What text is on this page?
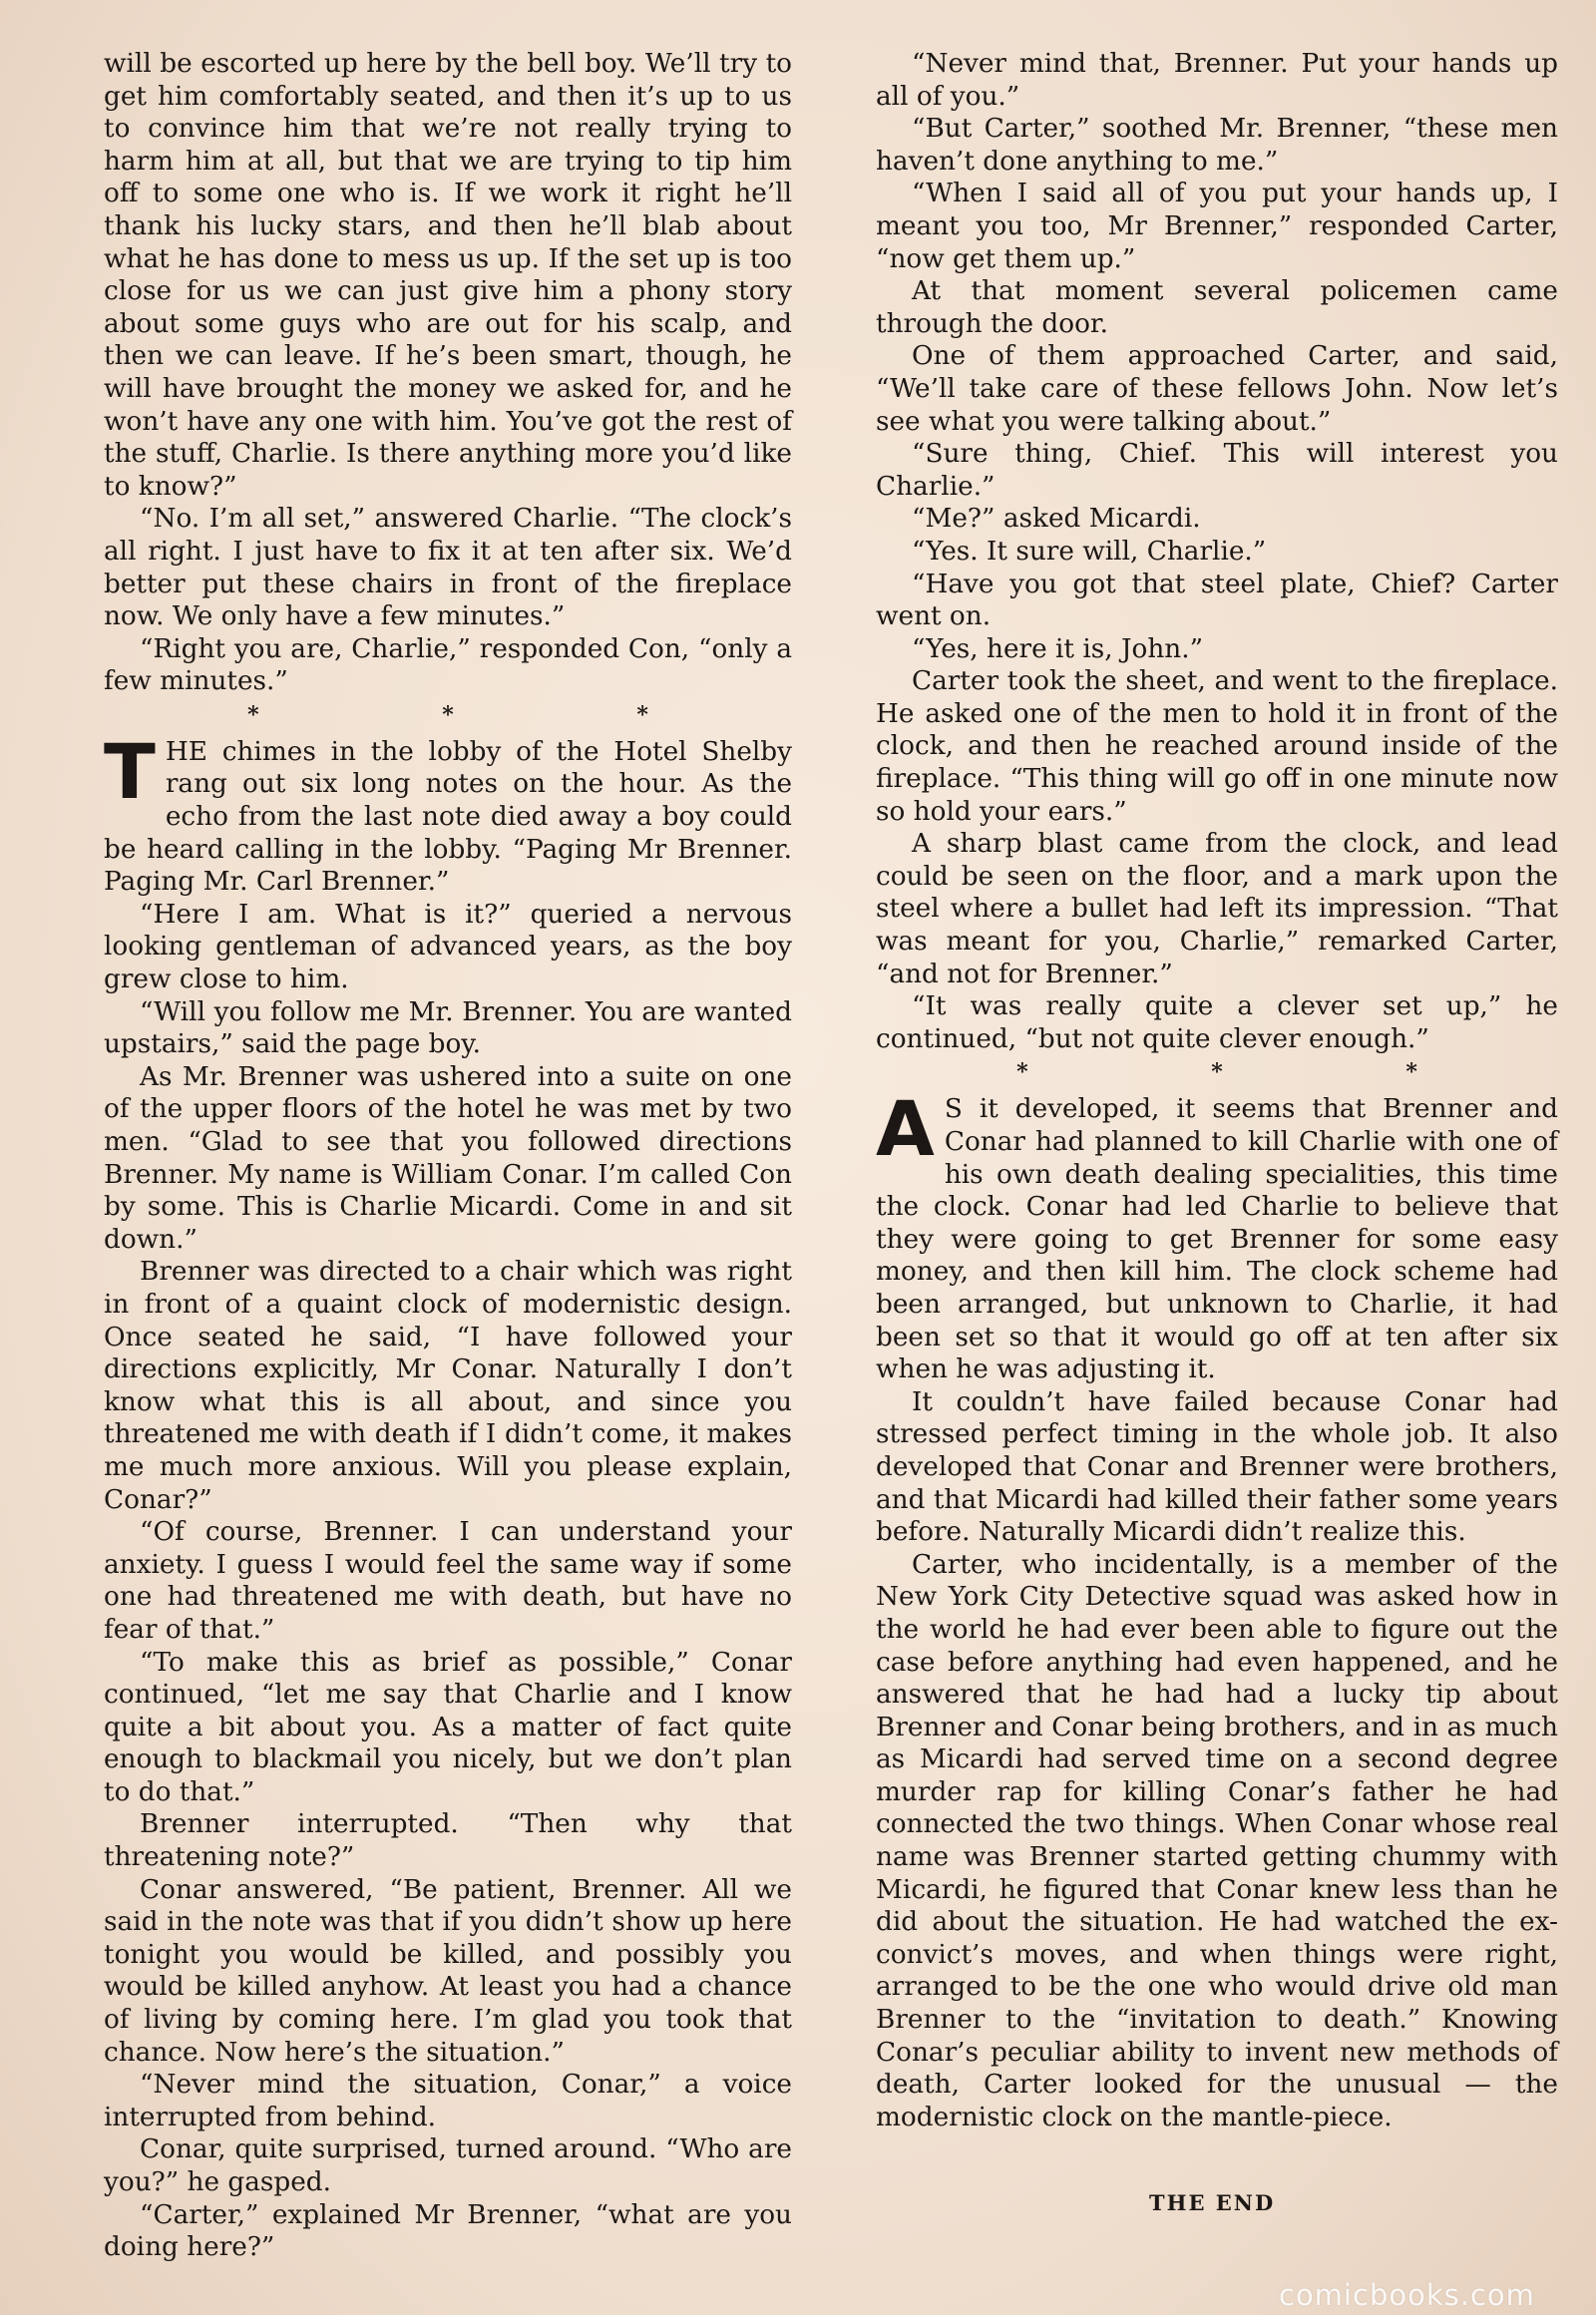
will be escorted up here by the bell boy. We’ll try to get him comfortably seated, and then it’s up to us to convince him that we’re not really trying to harm him at all, but that we are trying to tip him off to some one who is. If we work it right he’ll thank his lucky stars, and then he’ll blab about what he has done to mess us up. If the set up is too close for us we can just give him a phony story about some guys who are out for his scalp, and then we can leave. If he’s been smart, though, he will have brought the money we asked for, and he won’t have any one with him. You’ve got the rest of the stuff, Charlie. Is there anything more you’d like to know?”

“No. I’m all set,” answered Charlie. “The clock’s all right. I just have to fix it at ten after six. We’d better put these chairs in front of the fireplace now. We only have a few minutes.”

“Right you are, Charlie,” responded Con, “only a few minutes.”

* * *

THE chimes in the lobby of the Hotel Shelby rang out six long notes on the hour. As the echo from the last note died away a boy could be heard calling in the lobby. “Paging Mr Brenner. Paging Mr. Carl Brenner.”

“Here I am. What is it?” queried a nervous looking gentleman of advanced years, as the boy grew close to him.

“Will you follow me Mr. Brenner. You are wanted upstairs,” said the page boy.

As Mr. Brenner was ushered into a suite on one of the upper floors of the hotel he was met by two men. “Glad to see that you followed directions Brenner. My name is William Conar. I’m called Con by some. This is Charlie Micardi. Come in and sit down.”

Brenner was directed to a chair which was right in front of a quaint clock of modernistic design. Once seated he said, “I have followed your directions explicitly, Mr Conar. Naturally I don’t know what this is all about, and since you threatened me with death if I didn’t come, it makes me much more anxious. Will you please explain, Conar?”

“Of course, Brenner. I can understand your anxiety. I guess I would feel the same way if some one had threatened me with death, but have no fear of that.”

“To make this as brief as possible,” Conar continued, “let me say that Charlie and I know quite a bit about you. As a matter of fact quite enough to blackmail you nicely, but we don’t plan to do that.”

Brenner interrupted. “Then why that threatening note?”

Conar answered, “Be patient, Brenner. All we said in the note was that if you didn’t show up here tonight you would be killed, and possibly you would be killed anyhow. At least you had a chance of living by coming here. I’m glad you took that chance. Now here’s the situation.”

“Never mind the situation, Conar,” a voice interrupted from behind.

Conar, quite surprised, turned around. “Who are you?” he gasped.

“Carter,” explained Mr Brenner, “what are you doing here?”

“Never mind that, Brenner. Put your hands up all of you.”

“But Carter,” soothed Mr. Brenner, “these men haven’t done anything to me.”

“When I said all of you put your hands up, I meant you too, Mr Brenner,” responded Carter, “now get them up.”

At that moment several policemen came through the door.

One of them approached Carter, and said, “We’ll take care of these fellows John. Now let’s see what you were talking about.”

“Sure thing, Chief. This will interest you Charlie.”

“Me?” asked Micardi.

“Yes. It sure will, Charlie.”

“Have you got that steel plate, Chief? Carter went on.

“Yes, here it is, John.”

Carter took the sheet, and went to the fireplace. He asked one of the men to hold it in front of the clock, and then he reached around inside of the fireplace. “This thing will go off in one minute now so hold your ears.”

A sharp blast came from the clock, and lead could be seen on the floor, and a mark upon the steel where a bullet had left its impression. “That was meant for you, Charlie,” remarked Carter, “and not for Brenner.”

“It was really quite a clever set up,” he continued, “but not quite clever enough.”

* * *

A S it developed, it seems that Brenner and Conar had planned to kill Charlie with one of his own death dealing specialities, this time the clock. Conar had led Charlie to believe that they were going to get Brenner for some easy money, and then kill him. The clock scheme had been arranged, but unknown to Charlie, it had been set so that it would go off at ten after six when he was adjusting it.

It couldn’t have failed because Conar had stressed perfect timing in the whole job. It also developed that Conar and Brenner were brothers, and that Micardi had killed their father some years before. Naturally Micardi didn’t realize this.

Carter, who incidentally, is a member of the New York City Detective squad was asked how in the world he had ever been able to figure out the case before anything had even happened, and he answered that he had had a lucky tip about Brenner and Conar being brothers, and in as much as Micardi had served time on a second degree murder rap for killing Conar’s father he had connected the two things. When Conar whose real name was Brenner started getting chummy with Micardi, he figured that Conar knew less than he did about the situation. He had watched the ex-convict’s moves, and when things were right, arranged to be the one who would drive old man Brenner to the “invitation to death.” Knowing Conar’s peculiar ability to invent new methods of death, Carter looked for the unusual — the modernistic clock on the mantle-piece.

THE END
comicbooks.com
